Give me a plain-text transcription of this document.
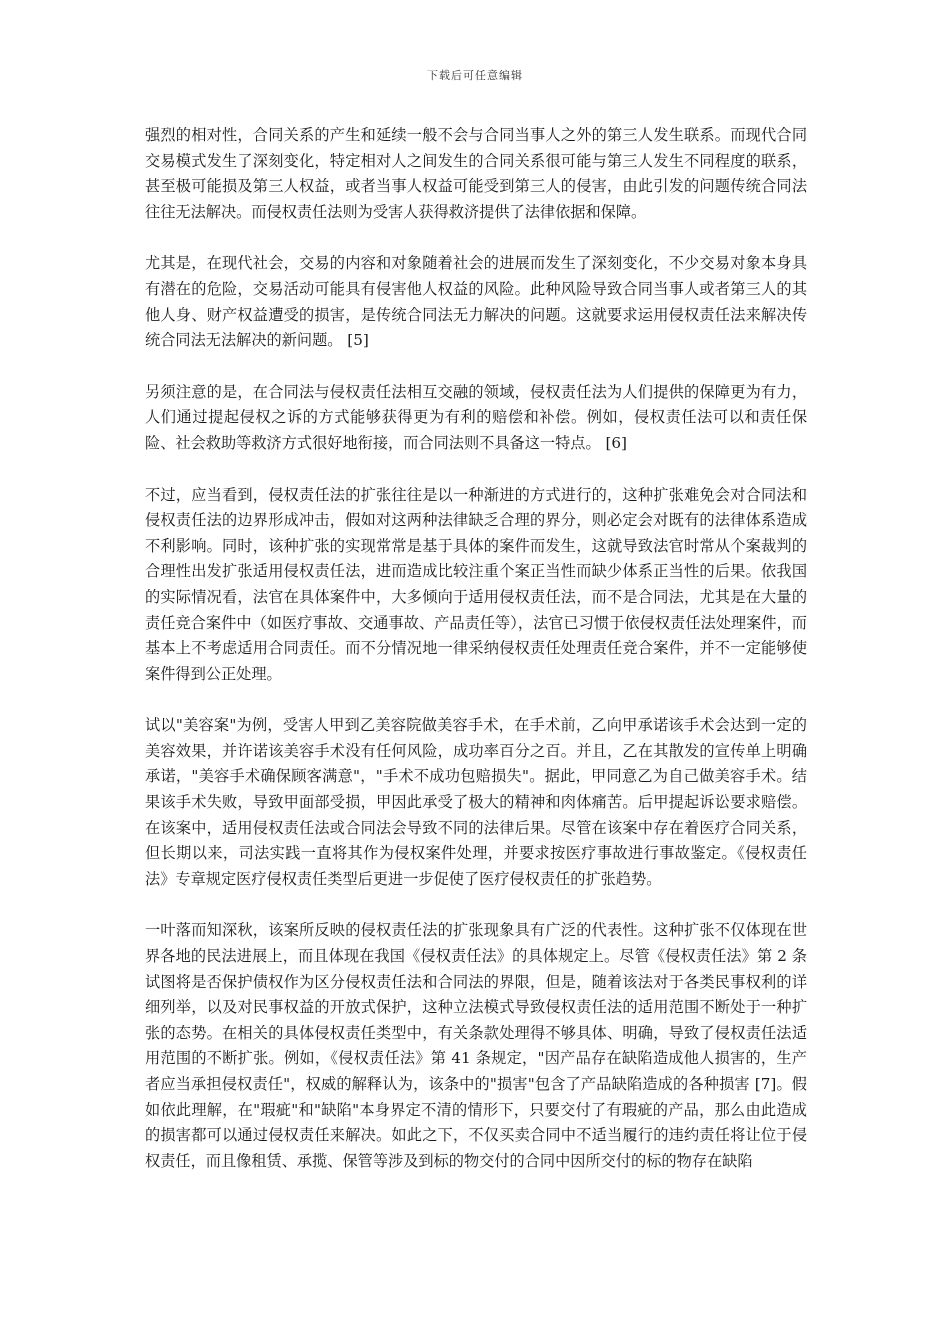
下载后可任意编辑

强烈的相对性，合同关系的产生和延续一般不会与合同当事人之外的第三人发生联系。而现代合同交易模式发生了深刻变化，特定相对人之间发生的合同关系很可能与第三人发生不同程度的联系，甚至极可能损及第三人权益，或者当事人权益可能受到第三人的侵害，由此引发的问题传统合同法往往无法解决。而侵权责任法则为受害人获得救济提供了法律依据和保障。

尤其是，在现代社会，交易的内容和对象随着社会的进展而发生了深刻变化，不少交易对象本身具有潜在的危险，交易活动可能具有侵害他人权益的风险。此种风险导致合同当事人或者第三人的其他人身、财产权益遭受的损害，是传统合同法无力解决的问题。这就要求运用侵权责任法来解决传统合同法无法解决的新问题。 [5]

另须注意的是，在合同法与侵权责任法相互交融的领域，侵权责任法为人们提供的保障更为有力，人们通过提起侵权之诉的方式能够获得更为有利的赔偿和补偿。例如，侵权责任法可以和责任保险、社会救助等救济方式很好地衔接，而合同法则不具备这一特点。 [6]

不过，应当看到，侵权责任法的扩张往往是以一种渐进的方式进行的，这种扩张难免会对合同法和侵权责任法的边界形成冲击，假如对这两种法律缺乏合理的界分，则必定会对既有的法律体系造成不利影响。同时，该种扩张的实现常常是基于具体的案件而发生，这就导致法官时常从个案裁判的合理性出发扩张适用侵权责任法，进而造成比较注重个案正当性而缺少体系正当性的后果。依我国的实际情况看，法官在具体案件中，大多倾向于适用侵权责任法，而不是合同法，尤其是在大量的责任竞合案件中（如医疗事故、交通事故、产品责任等），法官已习惯于依侵权责任法处理案件，而基本上不考虑适用合同责任。而不分情况地一律采纳侵权责任处理责任竞合案件，并不一定能够使案件得到公正处理。

试以"美容案"为例，受害人甲到乙美容院做美容手术，在手术前，乙向甲承诺该手术会达到一定的美容效果，并许诺该美容手术没有任何风险，成功率百分之百。并且，乙在其散发的宣传单上明确承诺，"美容手术确保顾客满意"，"手术不成功包赔损失"。据此，甲同意乙为自己做美容手术。结果该手术失败，导致甲面部受损，甲因此承受了极大的精神和肉体痛苦。后甲提起诉讼要求赔偿。在该案中，适用侵权责任法或合同法会导致不同的法律后果。尽管在该案中存在着医疗合同关系，但长期以来，司法实践一直将其作为侵权案件处理，并要求按医疗事故进行事故鉴定。《侵权责任法》专章规定医疗侵权责任类型后更进一步促使了医疗侵权责任的扩张趋势。

一叶落而知深秋，该案所反映的侵权责任法的扩张现象具有广泛的代表性。这种扩张不仅体现在世界各地的民法进展上，而且体现在我国《侵权责任法》的具体规定上。尽管《侵权责任法》第 2 条试图将是否保护债权作为区分侵权责任法和合同法的界限，但是，随着该法对于各类民事权利的详细列举，以及对民事权益的开放式保护，这种立法模式导致侵权责任法的适用范围不断处于一种扩张的态势。在相关的具体侵权责任类型中，有关条款处理得不够具体、明确，导致了侵权责任法适用范围的不断扩张。例如，《侵权责任法》第 41 条规定，"因产品存在缺陷造成他人损害的，生产者应当承担侵权责任"，权威的解释认为，该条中的"损害"包含了产品缺陷造成的各种损害 [7]。假如依此理解，在"瑕疵"和"缺陷"本身界定不清的情形下，只要交付了有瑕疵的产品，那么由此造成的损害都可以通过侵权责任来解决。如此之下，不仅买卖合同中不适当履行的违约责任将让位于侵权责任，而且像租赁、承揽、保管等涉及到标的物交付的合同中因所交付的标的物存在缺陷
